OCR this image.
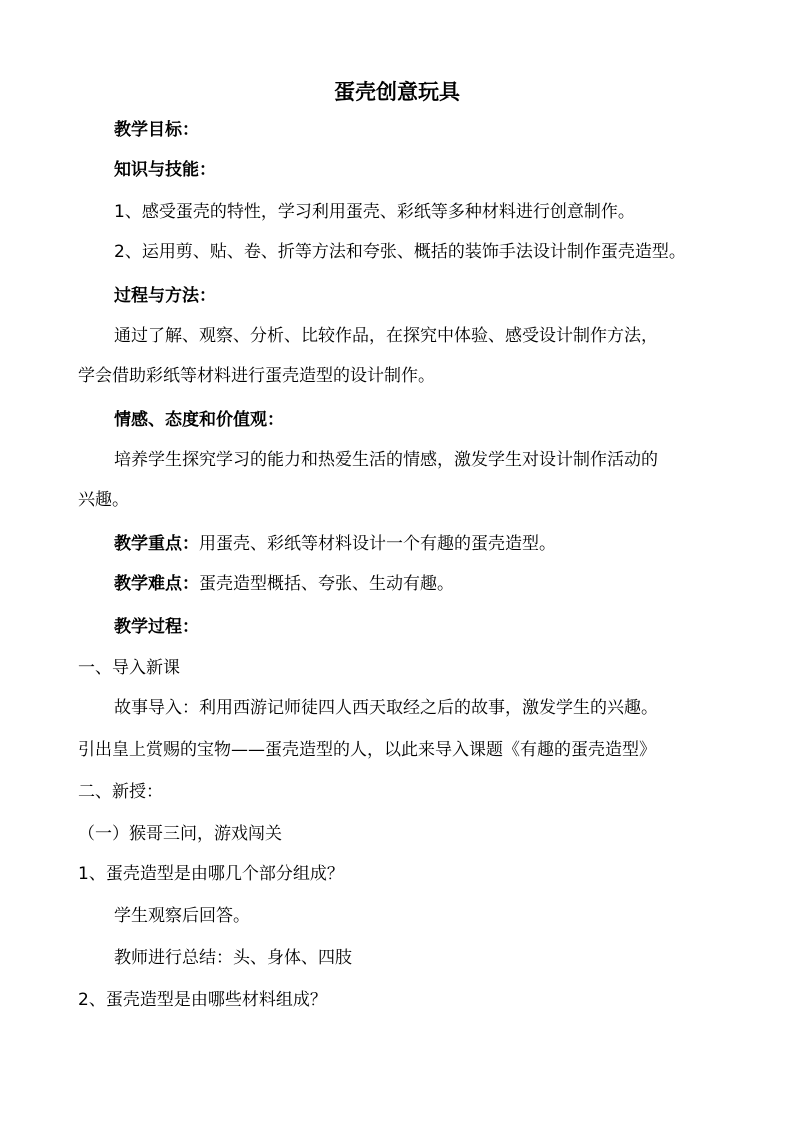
蛋壳创意玩具
教学目标：
知识与技能：
1、感受蛋壳的特性，学习利用蛋壳、彩纸等多种材料进行创意制作。
2、运用剪、贴、卷、折等方法和夸张、概括的装饰手法设计制作蛋壳造型。
过程与方法：
通过了解、观察、分析、比较作品，在探究中体验、感受设计制作方法，
学会借助彩纸等材料进行蛋壳造型的设计制作。
情感、态度和价值观：
培养学生探究学习的能力和热爱生活的情感，激发学生对设计制作活动的
兴趣。
教学重点：用蛋壳、彩纸等材料设计一个有趣的蛋壳造型。
教学难点：蛋壳造型概括、夸张、生动有趣。
教学过程：
一、导入新课
故事导入：利用西游记师徒四人西天取经之后的故事，激发学生的兴趣。
引出皇上赏赐的宝物——蛋壳造型的人，以此来导入课题《有趣的蛋壳造型》
二、新授：
（一）猴哥三问，游戏闯关
1、蛋壳造型是由哪几个部分组成？
学生观察后回答。
教师进行总结：头、身体、四肢
2、蛋壳造型是由哪些材料组成？
